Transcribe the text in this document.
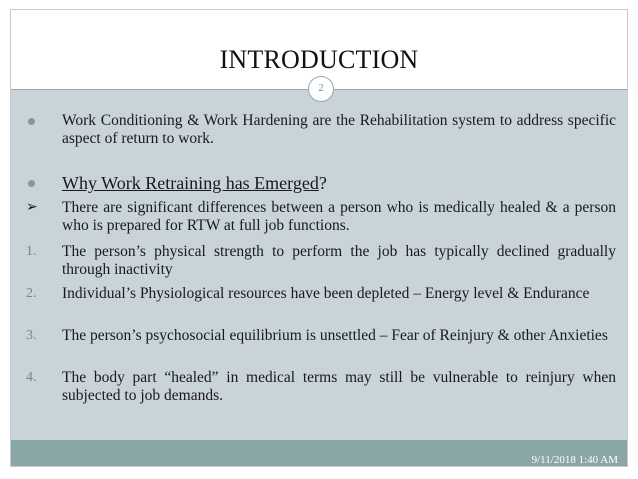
INTRODUCTION
9/11/2018 1:40 AM
2
Work Conditioning & Work Hardening are the Rehabilitation system to address specific aspect of return to work.
Why Work Retraining has Emerged?
➢	There are significant differences between a person who is medically healed & a person who is prepared for RTW at full job functions.
1.	The person’s physical strength to perform the job has typically declined gradually through inactivity
2.	Individual’s Physiological resources have been depleted – Energy level & Endurance
3.	The person’s psychosocial equilibrium is unsettled – Fear of Reinjury & other Anxieties
4.	The body part “healed” in medical terms may still be vulnerable to reinjury when subjected to job demands.
